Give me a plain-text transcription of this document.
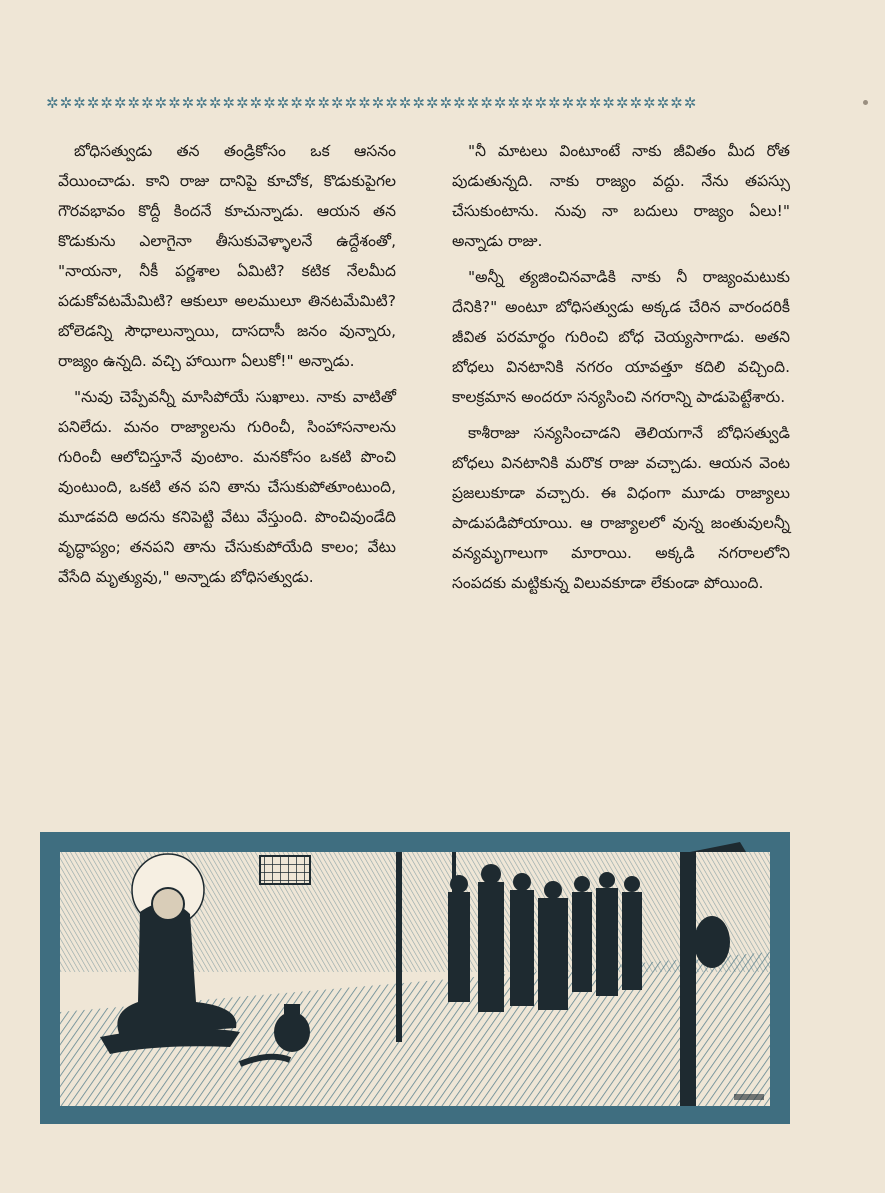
✲✲✲✲✲✲✲✲✲✲✲✲✲✲✲✲✲✲✲✲✲✲✲✲✲✲✲✲✲✲✲✲✲✲✲✲✲✲✲✲✲✲✲✲✲✲✲✲

బోధిసత్వుడు తన తండ్రికోసం ఒక ఆసనం వేయించాడు. కాని రాజు దానిపై కూచోక, కొడుకుపైగల గౌరవభావం కొద్దీ కిందనే కూచున్నాడు. ఆయన తన కొడుకును ఎలాగైనా తీసుకువెళ్ళాలనే ఉద్దేశంతో, "నాయనా, నీకీ పర్ణశాల ఏమిటి? కటిక నేలమీద పడుకోవటమేమిటి? ఆకులూ అలములూ తినటమేమిటి? బోలెడన్ని సౌధాలున్నాయి, దాసదాసీ జనం వున్నారు, రాజ్యం ఉన్నది. వచ్చి హాయిగా ఏలుకో!" అన్నాడు.

"నువు చెప్పేవన్నీ మాసిపోయే సుఖాలు. నాకు వాటితో పనిలేదు. మనం రాజ్యాలను గురించీ, సింహాసనాలను గురించీ ఆలోచిస్తూనే వుంటాం. మనకోసం ఒకటి పొంచి వుంటుంది, ఒకటి తన పని తాను చేసుకుపోతూంటుంది, మూడవది అదను కనిపెట్టి వేటు వేస్తుంది. పొంచివుండేది వృద్ధాప్యం; తనపని తాను చేసుకుపోయేది కాలం; వేటు వేసేది మృత్యువు," అన్నాడు బోధిసత్వుడు.

"నీ మాటలు వింటూంటే నాకు జీవితం మీద రోత పుడుతున్నది. నాకు రాజ్యం వద్దు. నేను తపస్సు చేసుకుంటాను. నువు నా బదులు రాజ్యం ఏలు!" అన్నాడు రాజు.

"అన్నీ త్యజించినవాడికి నాకు నీ రాజ్యంమటుకు దేనికి?" అంటూ బోధిసత్వుడు అక్కడ చేరిన వారందరికీ జీవిత పరమార్థం గురించి బోధ చెయ్యసాగాడు. అతని బోధలు వినటానికి నగరం యావత్తూ కదిలి వచ్చింది. కాలక్రమాన అందరూ సన్యసించి నగరాన్ని పాడుపెట్టేశారు.

కాశీరాజు సన్యసించాడని తెలియగానే బోధిసత్వుడి బోధలు వినటానికి మరొక రాజు వచ్చాడు. ఆయన వెంట ప్రజలుకూడా వచ్చారు. ఈ విధంగా మూడు రాజ్యాలు పాడుపడిపోయాయి. ఆ రాజ్యాలలో వున్న జంతువులన్నీ వన్యమృగాలుగా మారాయి. అక్కడి నగరాలలోని సంపదకు మట్టికున్న విలువకూడా లేకుండా పోయింది.
